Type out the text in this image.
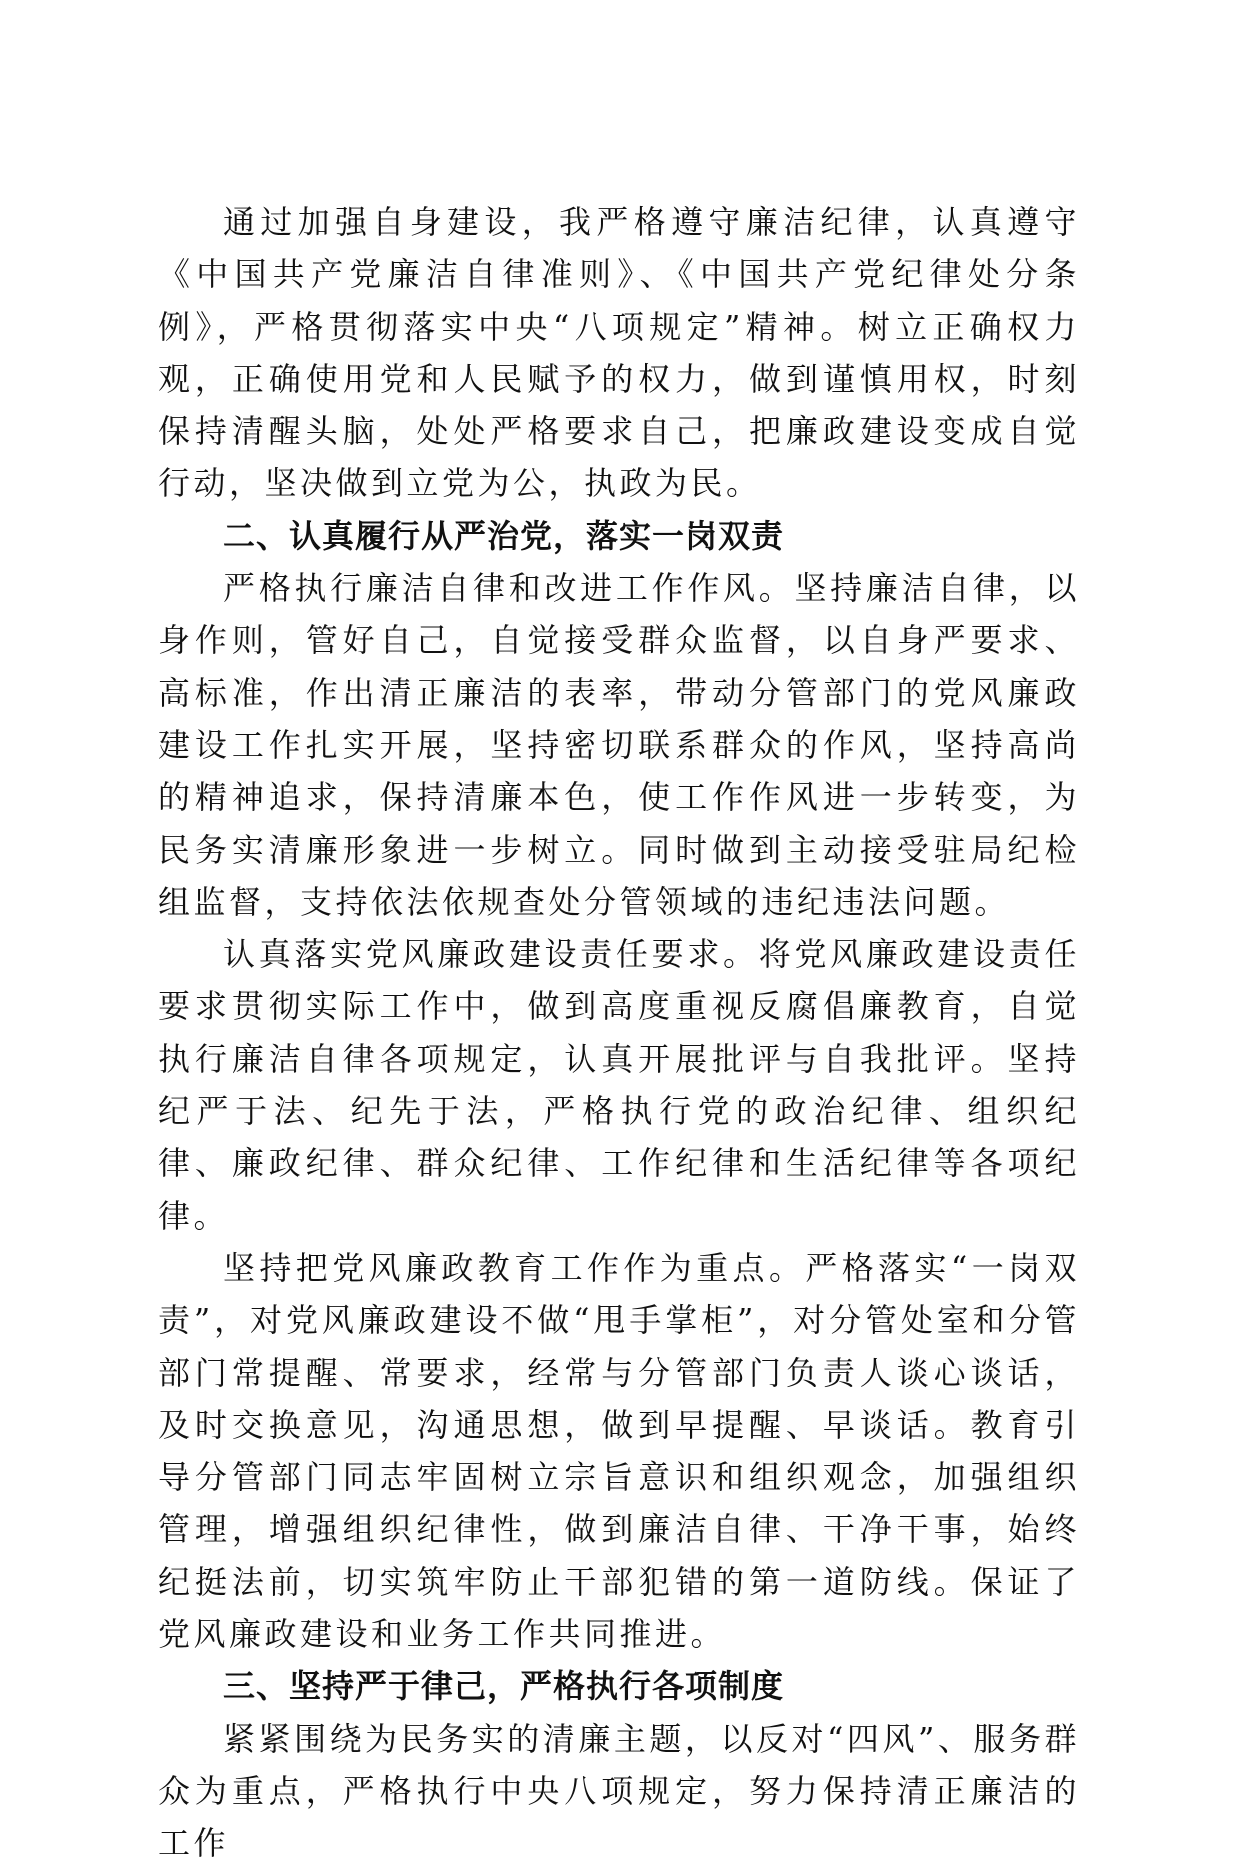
通过加强自身建设，我严格遵守廉洁纪律，认真遵守《中国共产党廉洁自律准则》、《中国共产党纪律处分条例》，严格贯彻落实中央“八项规定”精神。树立正确权力观，正确使用党和人民赋予的权力，做到谨慎用权，时刻保持清醒头脑，处处严格要求自己，把廉政建设变成自觉行动，坚决做到立党为公，执政为民。

二、认真履行从严治党，落实一岗双责

严格执行廉洁自律和改进工作作风。坚持廉洁自律，以身作则，管好自己，自觉接受群众监督，以自身严要求、高标准，作出清正廉洁的表率，带动分管部门的党风廉政建设工作扎实开展，坚持密切联系群众的作风，坚持高尚的精神追求，保持清廉本色，使工作作风进一步转变，为民务实清廉形象进一步树立。同时做到主动接受驻局纪检组监督，支持依法依规查处分管领域的违纪违法问题。

认真落实党风廉政建设责任要求。将党风廉政建设责任要求贯彻实际工作中，做到高度重视反腐倡廉教育，自觉执行廉洁自律各项规定，认真开展批评与自我批评。坚持纪严于法、纪先于法，严格执行党的政治纪律、组织纪律、廉政纪律、群众纪律、工作纪律和生活纪律等各项纪律。

坚持把党风廉政教育工作作为重点。严格落实“一岗双责”，对党风廉政建设不做“甩手掌柜”，对分管处室和分管部门常提醒、常要求，经常与分管部门负责人谈心谈话，及时交换意见，沟通思想，做到早提醒、早谈话。教育引导分管部门同志牢固树立宗旨意识和组织观念，加强组织管理，增强组织纪律性，做到廉洁自律、干净干事，始终纪挺法前，切实筑牢防止干部犯错的第一道防线。保证了党风廉政建设和业务工作共同推进。

三、坚持严于律己，严格执行各项制度

紧紧围绕为民务实的清廉主题，以反对“四风”、服务群众为重点，严格执行中央八项规定，努力保持清正廉洁的工作
